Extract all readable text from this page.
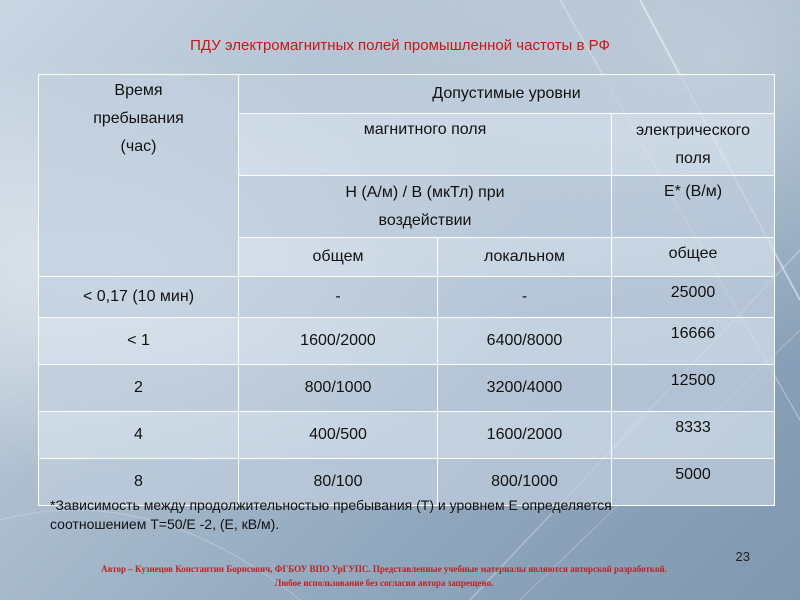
ПДУ электромагнитных полей промышленной частоты в РФ
Время
пребывания
(час)	Допустимые уровни		
	магнитного поля		электрического
поля

	Н (А/м) / В (мкТл) при
воздействии		Е* (В/м)
	общем	локальном	общее
< 0,17 (10 мин)	-	-	25000
< 1	1600/2000	6400/8000	16666
2	800/1000	3200/4000	12500
4	400/500	1600/2000	8333
8	80/100	800/1000	5000
*Зависимость между продолжительностью пребывания (Т) и уровнем Е определяется
соотношением Т=50/Е -2, (Е, кВ/м).
23
Автор – Кузнецов Константин Борисович, ФГБОУ ВПО УрГУПС. Представленные учебные материалы являются авторской разработкой.
Любое использование без согласия автора запрещено.
